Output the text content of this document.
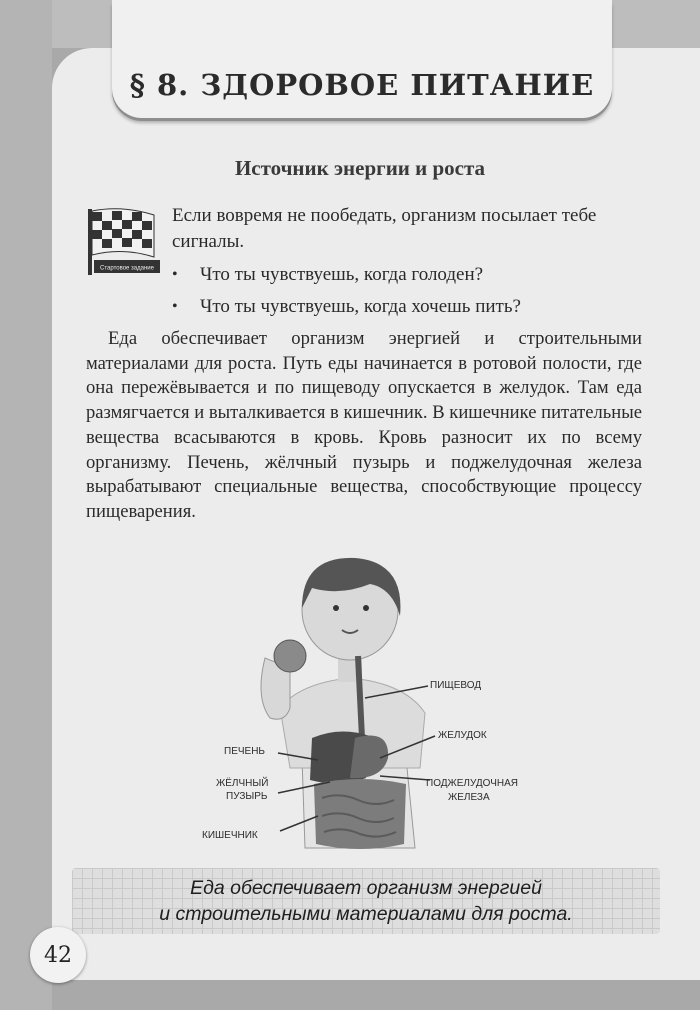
§ 8. ЗДОРОВОЕ ПИТАНИЕ
Источник энергии и роста
Стартовое задание
Если вовремя не пообедать, организм посылает тебе сигналы.
•	Что ты чувствуешь, когда голоден?
•	Что ты чувствуешь, когда хочешь пить?
Еда обеспечивает организм энергией и строительными материалами для роста. Путь еды начинается в ротовой полости, где она пережёвывается и по пищеводу опускается в желудок. Там еда размягчается и выталкивается в кишечник. В кишечнике питательные вещества всасываются в кровь. Кровь разносит их по всему организму. Печень, жёлчный пузырь и поджелудочная железа вырабатывают специальные вещества, способствующие процессу пищеварения.
ПИЩЕВОД
ЖЕЛУДОК
ПЕЧЕНЬ
ЖЁЛЧНЫЙ
ПУЗЫРЬ
ПОДЖЕЛУДОЧНАЯ
ЖЕЛЕЗА
КИШЕЧНИК
Еда обеспечивает организм энергией
и строительными материалами для роста.
42
